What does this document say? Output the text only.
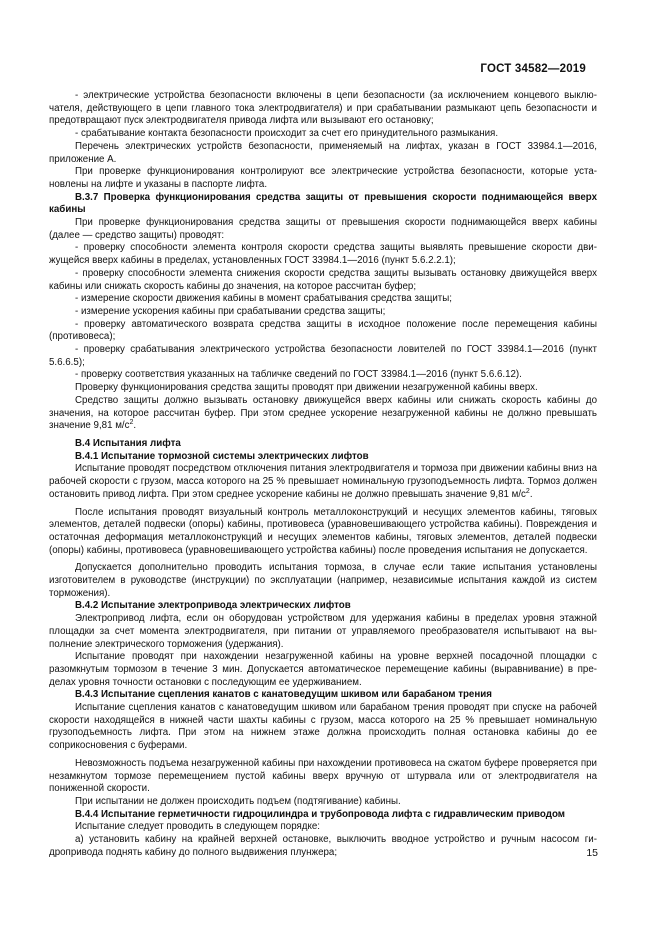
ГОСТ 34582—2019

- электрические устройства безопасности включены в цепи безопасности (за исключением концевого выключателя, действующего в цепи главного тока электродвигателя) и при срабатывании размыкают цепь безопасности и предотвращают пуск электродвигателя привода лифта или вызывают его остановку;

- срабатывание контакта безопасности происходит за счет его принудительного размыкания.

Перечень электрических устройств безопасности, применяемый на лифтах, указан в ГОСТ 33984.1—2016, приложение А.

При проверке функционирования контролируют все электрические устройства безопасности, которые установлены на лифте и указаны в паспорте лифта.

В.3.7 Проверка функционирования средства защиты от превышения скорости поднимающейся вверх кабины

При проверке функционирования средства защиты от превышения скорости поднимающейся вверх кабины (далее — средство защиты) проводят:

- проверку способности элемента контроля скорости средства защиты выявлять превышение скорости движущейся вверх кабины в пределах, установленных ГОСТ 33984.1—2016 (пункт 5.6.2.2.1);

- проверку способности элемента снижения скорости средства защиты вызывать остановку движущейся вверх кабины или снижать скорость кабины до значения, на которое рассчитан буфер;

- измерение скорости движения кабины в момент срабатывания средства защиты;

- измерение ускорения кабины при срабатывании средства защиты;

- проверку автоматического возврата средства защиты в исходное положение после перемещения кабины (противовеса);

- проверку срабатывания электрического устройства безопасности ловителей по ГОСТ 33984.1—2016 (пункт 5.6.6.5);

- проверку соответствия указанных на табличке сведений по ГОСТ 33984.1—2016 (пункт 5.6.6.12).

Проверку функционирования средства защиты проводят при движении незагруженной кабины вверх.

Средство защиты должно вызывать остановку движущейся вверх кабины или снижать скорость кабины до значения, на которое рассчитан буфер. При этом среднее ускорение незагруженной кабины не должно превышать значение 9,81 $м/с^2$.

В.4 Испытания лифта

В.4.1 Испытание тормозной системы электрических лифтов

Испытание проводят посредством отключения питания электродвигателя и тормоза при движении кабины вниз на рабочей скорости с грузом, масса которого на 25 % превышает номинальную грузоподъемность лифта. Тормоз должен остановить привод лифта. При этом среднее ускорение кабины не должно превышать значение 9,81 $м/с^2$.

После испытания проводят визуальный контроль металлоконструкций и несущих элементов кабины, тяговых элементов, деталей подвески (опоры) кабины, противовеса (уравновешивающего устройства кабины). Повреждения и остаточная деформация металлоконструкций и несущих элементов кабины, тяговых элементов, деталей подвески (опоры) кабины, противовеса (уравновешивающего устройства кабины) после проведения испытания не допускается.

Допускается дополнительно проводить испытания тормоза, в случае если такие испытания установлены изготовителем в руководстве (инструкции) по эксплуатации (например, независимые испытания каждой из систем торможения).

В.4.2 Испытание электропривода электрических лифтов

Электропривод лифта, если он оборудован устройством для удержания кабины в пределах уровня этажной площадки за счет момента электродвигателя, при питании от управляемого преобразователя испытывают на выполнение электрического торможения (удержания).

Испытание проводят при нахождении незагруженной кабины на уровне верхней посадочной площадки с разомкнутым тормозом в течение 3 мин. Допускается автоматическое перемещение кабины (выравнивание) в пределах уровня точности остановки с последующим ее удерживанием.

В.4.3 Испытание сцепления канатов с канатоведущим шкивом или барабаном трения

Испытание сцепления канатов с канатоведущим шкивом или барабаном трения проводят при спуске на рабочей скорости находящейся в нижней части шахты кабины с грузом, масса которого на 25 % превышает номинальную грузоподъемность лифта. При этом на нижнем этаже должна происходить полная остановка кабины до ее соприкосновения с буферами.

Невозможность подъема незагруженной кабины при нахождении противовеса на сжатом буфере проверяется при незамкнутом тормозе перемещением пустой кабины вверх вручную от штурвала или от электродвигателя на пониженной скорости.

При испытании не должен происходить подъем (подтягивание) кабины.

В.4.4 Испытание герметичности гидроцилиндра и трубопровода лифта с гидравлическим приводом

Испытание следует проводить в следующем порядке:

а) установить кабину на крайней верхней остановке, выключить вводное устройство и ручным насосом гидропривода поднять кабину до полного выдвижения плунжера;	15
